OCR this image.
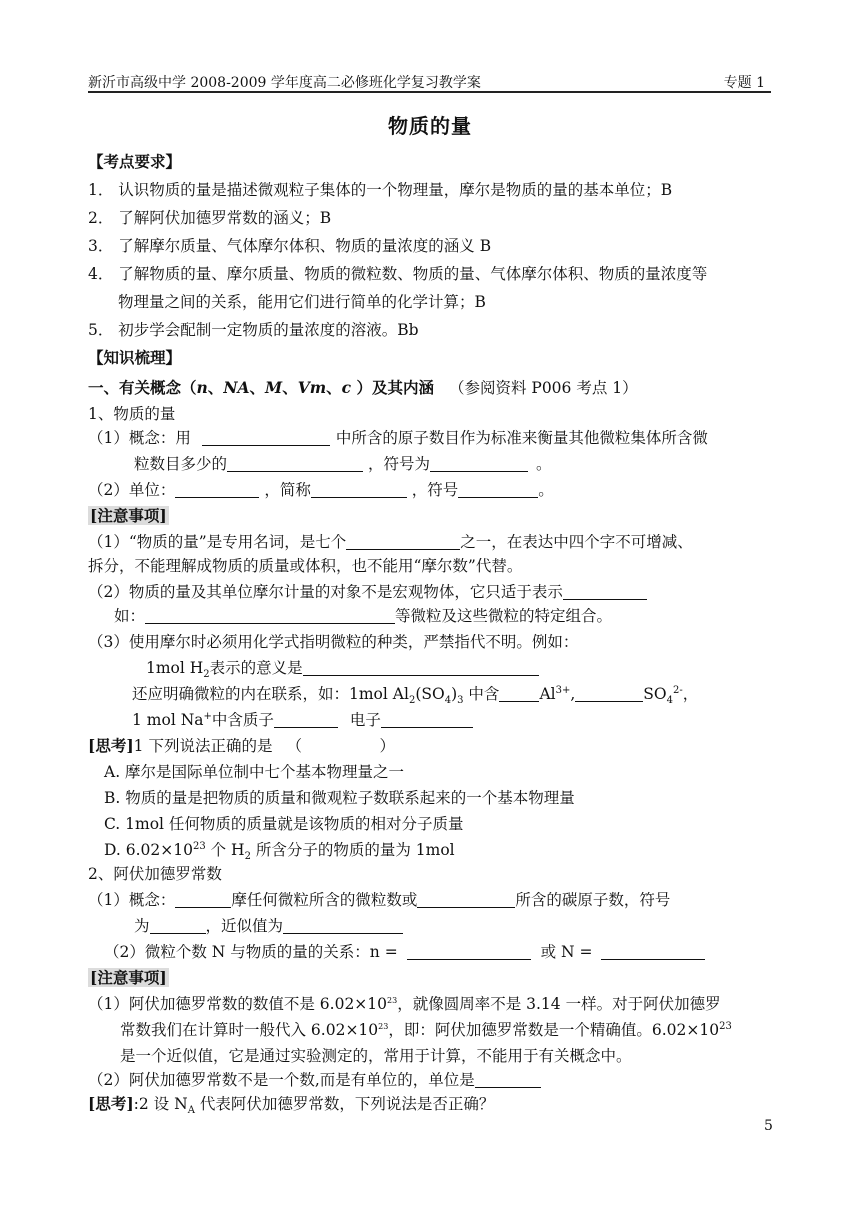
新沂市高级中学 2008-2009 学年度高二必修班化学复习教学案	专题 1
物质的量
【考点要求】
1． 认识物质的量是描述微观粒子集体的一个物理量，摩尔是物质的量的基本单位；B
2． 了解阿伏加德罗常数的涵义；B
3． 了解摩尔质量、气体摩尔体积、物质的量浓度的涵义 B
4． 了解物质的量、摩尔质量、物质的微粒数、物质的量、气体摩尔体积、物质的量浓度等
物理量之间的关系，能用它们进行简单的化学计算；B
5． 初步学会配制一定物质的量浓度的溶液。Bb
【知识梳理】
一、有关概念（n、NA、M、Vm、c ）及其内涵 （参阅资料 P006 考点 1）
1、物质的量
（1）概念：用	中所含的原子数目作为标准来衡量其他微粒集体所含微
粒数目多少的	，符号为	。
（2）单位：	，简称	，符号	。
[注意事项]
（1）“物质的量”是专用名词，是七个	之一，在表达中四个字不可增减、
拆分，不能理解成物质的质量或体积，也不能用“摩尔数”代替。
（2）物质的量及其单位摩尔计量的对象不是宏观物体，它只适于表示
如：	等微粒及这些微粒的特定组合。
（3）使用摩尔时必须用化学式指明微粒的种类，严禁指代不明。例如：
1mol $H_2$表示的意义是
还应明确微粒的内在联系，如：1mol $Al_2(SO_4)_3$ 中含	$Al^{3+}$,	$SO_4^{2-}$，
1 mol Na+中含质子	电子
[思考]1 下列说法正确的是 （　　　　　）
A. 摩尔是国际单位制中七个基本物理量之一
B. 物质的量是把物质的质量和微观粒子数联系起来的一个基本物理量
C. 1mol 任何物质的质量就是该物质的相对分子质量
D. $6.02\times 10^{23}$ 个 $H_2$ 所含分子的物质的量为 1mol
2、阿伏加德罗常数
（1）概念：	摩任何微粒所含的微粒数或	所含的碳原子数，符号
为	，近似值为
（2）微粒个数 N 与物质的量的关系：n =	或 N =
[注意事项]
（1）阿伏加德罗常数的数值不是 $6.02\times 10^{23}$，就像圆周率不是 3.14 一样。对于阿伏加德罗
常数我们在计算时一般代入 $6.02\times 10^{23}$，即：阿伏加德罗常数是一个精确值。$6.02\times 10^{23}$
是一个近似值，它是通过实验测定的，常用于计算，不能用于有关概念中。
（2）阿伏加德罗常数不是一个数,而是有单位的，单位是
[思考]:2 设 $N_A$ 代表阿伏加德罗常数，下列说法是否正确？
5
